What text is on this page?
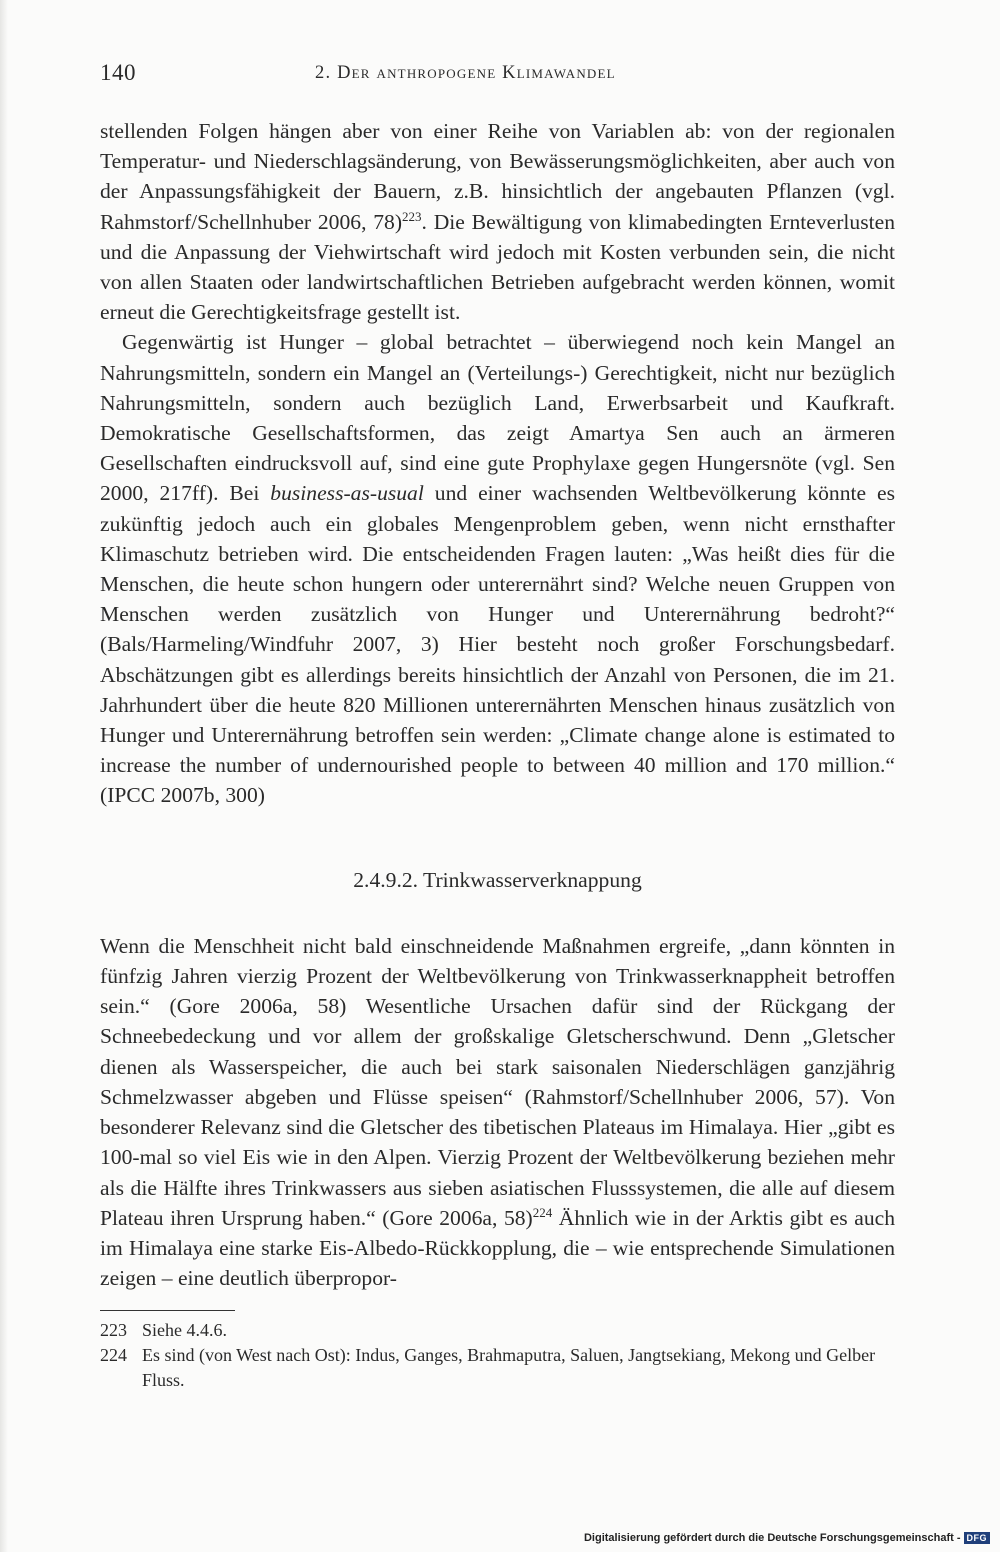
140	2. Der anthropogene Klimawandel

stellenden Folgen hängen aber von einer Reihe von Variablen ab: von der regionalen Temperatur- und Niederschlagsänderung, von Bewässerungsmöglichkeiten, aber auch von der Anpassungsfähigkeit der Bauern, z.B. hinsichtlich der angebauten Pflanzen (vgl. Rahmstorf/Schellnhuber 2006, 78)$^{223}$. Die Bewältigung von klimabedingten Ernteverlusten und die Anpassung der Viehwirtschaft wird jedoch mit Kosten verbunden sein, die nicht von allen Staaten oder landwirtschaftlichen Betrieben aufgebracht werden können, womit erneut die Gerechtigkeitsfrage gestellt ist.

Gegenwärtig ist Hunger – global betrachtet – überwiegend noch kein Mangel an Nahrungsmitteln, sondern ein Mangel an (Verteilungs-) Gerechtigkeit, nicht nur bezüglich Nahrungsmitteln, sondern auch bezüglich Land, Erwerbsarbeit und Kaufkraft. Demokratische Gesellschaftsformen, das zeigt Amartya Sen auch an ärmeren Gesellschaften eindrucksvoll auf, sind eine gute Prophylaxe gegen Hungersnöte (vgl. Sen 2000, 217ff). Bei business-as-usual und einer wachsenden Weltbevölkerung könnte es zukünftig jedoch auch ein globales Mengenproblem geben, wenn nicht ernsthafter Klimaschutz betrieben wird. Die entscheidenden Fragen lauten: „Was heißt dies für die Menschen, die heute schon hungern oder unterernährt sind? Welche neuen Gruppen von Menschen werden zusätzlich von Hunger und Unterernährung bedroht?“ (Bals/Harmeling/Windfuhr 2007, 3) Hier besteht noch großer Forschungsbedarf. Abschätzungen gibt es allerdings bereits hinsichtlich der Anzahl von Personen, die im 21. Jahrhundert über die heute 820 Millionen unterernährten Menschen hinaus zusätzlich von Hunger und Unterernährung betroffen sein werden: „Climate change alone is estimated to increase the number of undernourished people to between 40 million and 170 million.“ (IPCC 2007b, 300)

2.4.9.2. Trinkwasserverknappung

Wenn die Menschheit nicht bald einschneidende Maßnahmen ergreife, „dann könnten in fünfzig Jahren vierzig Prozent der Weltbevölkerung von Trinkwasserknappheit betroffen sein.“ (Gore 2006a, 58) Wesentliche Ursachen dafür sind der Rückgang der Schneebedeckung und vor allem der großskalige Gletscherschwund. Denn „Gletscher dienen als Wasserspeicher, die auch bei stark saisonalen Niederschlägen ganzjährig Schmelzwasser abgeben und Flüsse speisen“ (Rahmstorf/Schellnhuber 2006, 57). Von besonderer Relevanz sind die Gletscher des tibetischen Plateaus im Himalaya. Hier „gibt es 100-mal so viel Eis wie in den Alpen. Vierzig Prozent der Weltbevölkerung beziehen mehr als die Hälfte ihres Trinkwassers aus sieben asiatischen Flusssystemen, die alle auf diesem Plateau ihren Ursprung haben.“ (Gore 2006a, 58)$^{224}$ Ähnlich wie in der Arktis gibt es auch im Himalaya eine starke Eis-Albedo-Rückkopplung, die – wie entsprechende Simulationen zeigen – eine deutlich überpropor-

223 Siehe 4.4.6.
224 Es sind (von West nach Ost): Indus, Ganges, Brahmaputra, Saluen, Jangtsekiang, Mekong und Gelber Fluss.
Digitalisierung gefördert durch die Deutsche Forschungsgemeinschaft - DFG
